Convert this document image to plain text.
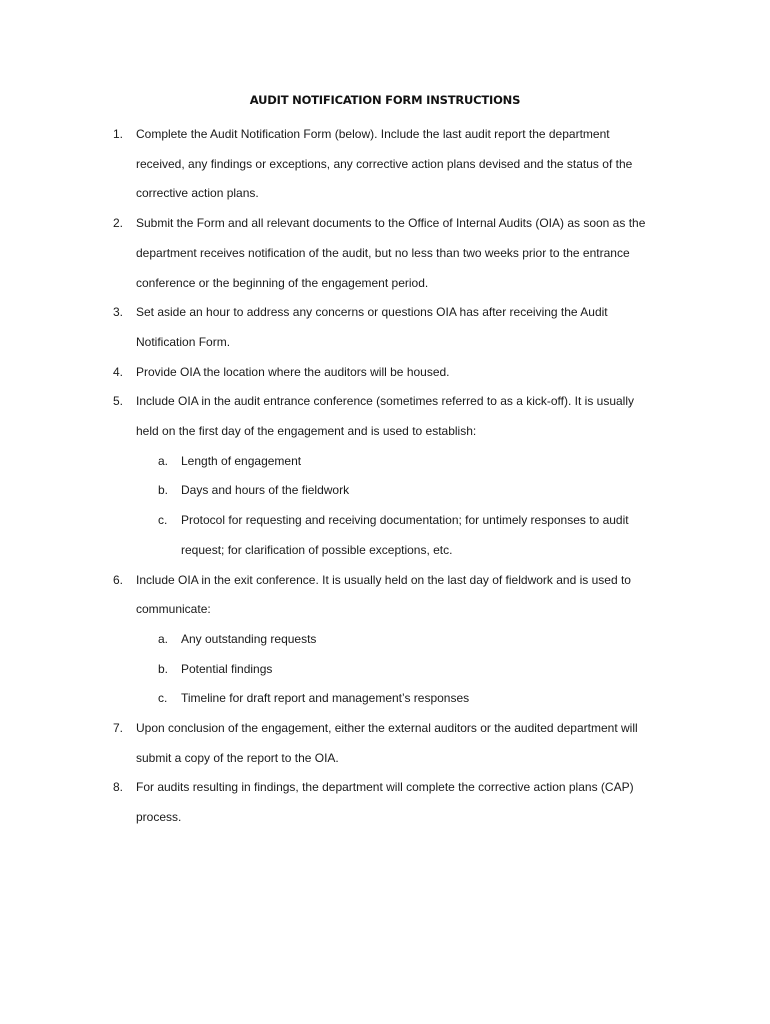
AUDIT NOTIFICATION FORM INSTRUCTIONS
1. Complete the Audit Notification Form (below). Include the last audit report the department
received, any findings or exceptions, any corrective action plans devised and the status of the
corrective action plans.
2. Submit the Form and all relevant documents to the Office of Internal Audits (OIA) as soon as the
department receives notification of the audit, but no less than two weeks prior to the entrance
conference or the beginning of the engagement period.
3. Set aside an hour to address any concerns or questions OIA has after receiving the Audit
Notification Form.
4. Provide OIA the location where the auditors will be housed.
5. Include OIA in the audit entrance conference (sometimes referred to as a kick-off). It is usually
held on the first day of the engagement and is used to establish:
a. Length of engagement
b. Days and hours of the fieldwork
c. Protocol for requesting and receiving documentation; for untimely responses to audit
request; for clarification of possible exceptions, etc.
6. Include OIA in the exit conference. It is usually held on the last day of fieldwork and is used to
communicate:
a. Any outstanding requests
b. Potential findings
c. Timeline for draft report and management’s responses
7. Upon conclusion of the engagement, either the external auditors or the audited department will
submit a copy of the report to the OIA.
8. For audits resulting in findings, the department will complete the corrective action plans (CAP)
process.
